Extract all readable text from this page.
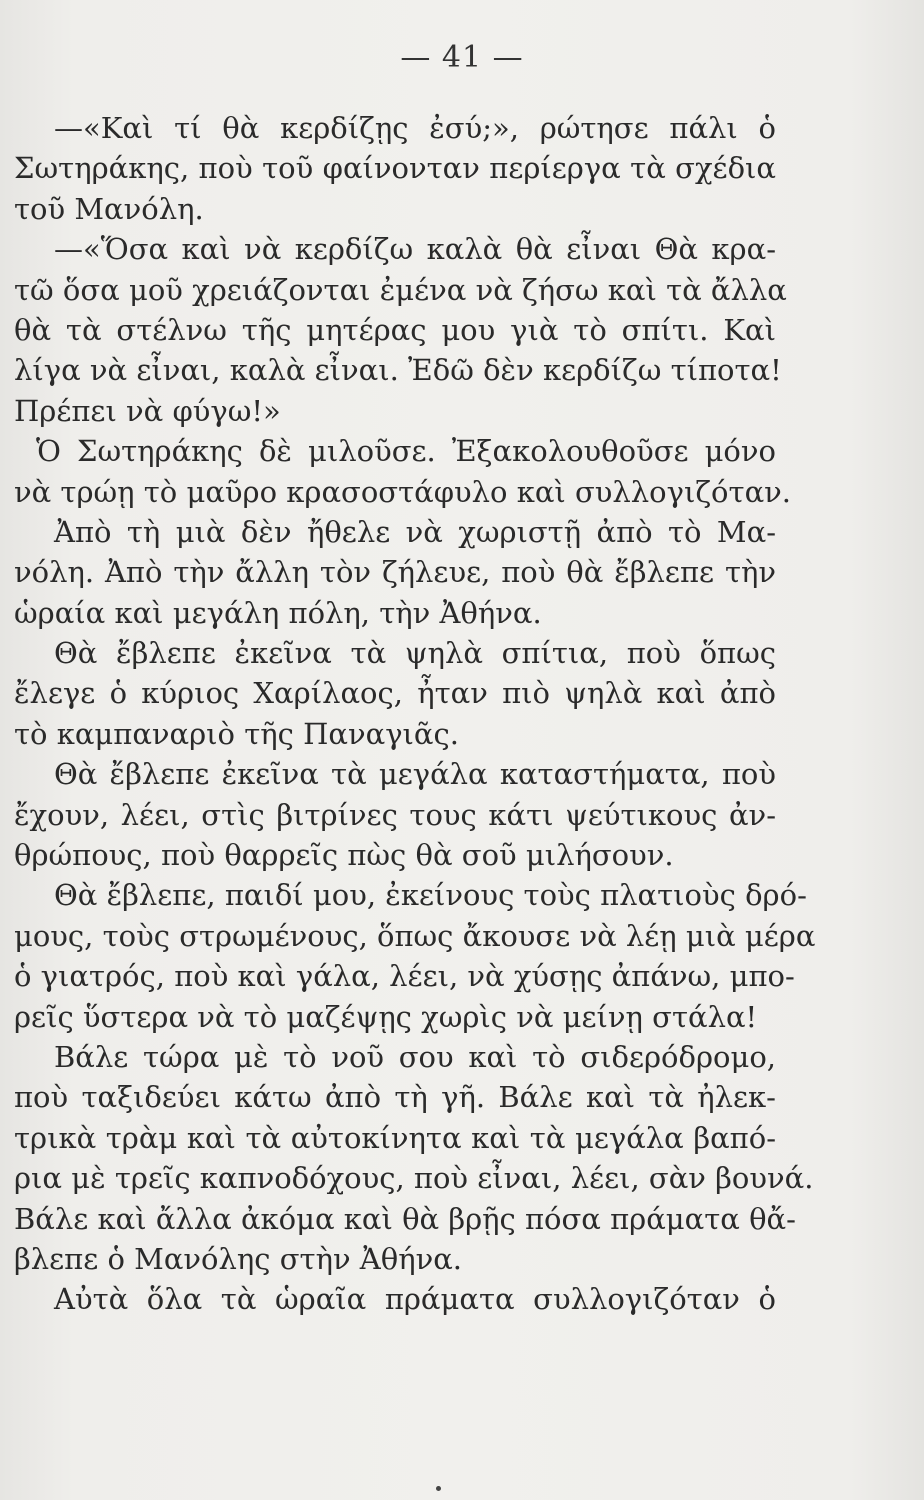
— 41 —
—«Καὶ τί θὰ κερδίζῃς ἐσύ;», ρώτησε πάλι ὁ
Σωτηράκης, ποὺ τοῦ φαίνονταν περίεργα τὰ σχέδια
τοῦ Μανόλη.
—«Ὅσα καὶ νὰ κερδίζω καλὰ θὰ εἶναι Θὰ κρα-
τῶ ὅσα μοῦ χρειάζονται ἐμένα νὰ ζήσω καὶ τὰ ἄλλα
θὰ τὰ στέλνω τῆς μητέρας μου γιὰ τὸ σπίτι. Καὶ
λίγα νὰ εἶναι, καλὰ εἶναι. Ἐδῶ δὲν κερδίζω τίποτα!
Πρέπει νὰ φύγω!»
Ὁ Σωτηράκης δὲ μιλοῦσε. Ἐξακολουθοῦσε μόνο
νὰ τρώῃ τὸ μαῦρο κρασοστάφυλο καὶ συλλογιζόταν.
Ἀπὸ τὴ μιὰ δὲν ἤθελε νὰ χωριστῇ ἀπὸ τὸ Μα-
νόλη. Ἀπὸ τὴν ἄλλη τὸν ζήλευε, ποὺ θὰ ἔβλεπε τὴν
ὡραία καὶ μεγάλη πόλη, τὴν Ἀθήνα.
Θὰ ἔβλεπε ἐκεῖνα τὰ ψηλὰ σπίτια, ποὺ ὅπως
ἔλεγε ὁ κύριος Χαρίλαος, ἦταν πιὸ ψηλὰ καὶ ἀπὸ
τὸ καμπαναριὸ τῆς Παναγιᾶς.
Θὰ ἔβλεπε ἐκεῖνα τὰ μεγάλα καταστήματα, ποὺ
ἔχουν, λέει, στὶς βιτρίνες τους κάτι ψεύτικους ἀν-
θρώπους, ποὺ θαρρεῖς πὼς θὰ σοῦ μιλήσουν.
Θὰ ἔβλεπε, παιδί μου, ἐκείνους τοὺς πλατιοὺς δρό-
μους, τοὺς στρωμένους, ὅπως ἄκουσε νὰ λέῃ μιὰ μέρα
ὁ γιατρός, ποὺ καὶ γάλα, λέει, νὰ χύσῃς ἀπάνω, μπο-
ρεῖς ὕστερα νὰ τὸ μαζέψῃς χωρὶς νὰ μείνῃ στάλα!
Βάλε τώρα μὲ τὸ νοῦ σου καὶ τὸ σιδερόδρομο,
ποὺ ταξιδεύει κάτω ἀπὸ τὴ γῆ. Βάλε καὶ τὰ ἠλεκ-
τρικὰ τρὰμ καὶ τὰ αὐτοκίνητα καὶ τὰ μεγάλα βαπό-
ρια μὲ τρεῖς καπνοδόχους, ποὺ εἶναι, λέει, σὰν βουνά.
Βάλε καὶ ἄλλα ἀκόμα καὶ θὰ βρῇς πόσα πράματα θἄ-
βλεπε ὁ Μανόλης στὴν Ἀθήνα.
Αὐτὰ ὅλα τὰ ὡραῖα πράματα συλλογιζόταν ὁ
